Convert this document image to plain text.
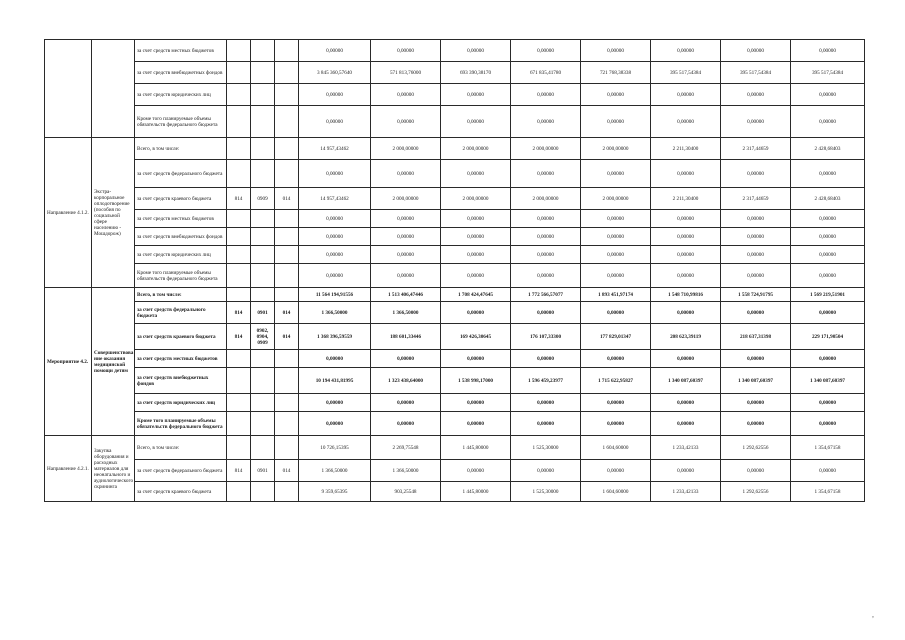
		за счет средств местных бюджетов				0,00000	0,00000	0,00000	0,00000	0,00000	0,00000	0,00000	0,00000
		за счет средств внебюджетных фондов				3 845 360,57640	571 813,76000	693 390,38170	671 835,41780	721 768,38338	395 517,54384	395 517,54384	395 517,54384
		за счет средств юридических лиц				0,00000	0,00000	0,00000	0,00000	0,00000	0,00000	0,00000	0,00000
		Кроме того планируемые объемы обязательств федерального бюджета				0,00000	0,00000	0,00000	0,00000	0,00000	0,00000	0,00000	0,00000
Направление 4.1.2.	Экстра-корпоральное оплодотворение (пособия по социальной сфере населению - Мошдорож)	Всего, в том числе:				14 957,43462	2 000,00000	2 000,00000	2 000,00000	2 000,00000	2 211,30400	2 317,44659	2 428,68403
		за счет средств федерального бюджета				0,00000	0,00000	0,00000	0,00000	0,00000	0,00000	0,00000	0,00000
		за счет средств краевого бюджета	814	0909	014	14 957,43462	2 000,00000	2 000,00000	2 000,00000	2 000,00000	2 211,30400	2 317,44659	2 428,68403
		за счет средств местных бюджетов				0,00000	0,00000	0,00000	0,00000	0,00000	0,00000	0,00000	0,00000
		за счет средств внебюджетных фондов				0,00000	0,00000	0,00000	0,00000	0,00000	0,00000	0,00000	0,00000
		за счет средств юридических лиц				0,00000	0,00000	0,00000	0,00000	0,00000	0,00000	0,00000	0,00000
		Кроме того планируемые объемы обязательств федерального бюджета				0,00000	0,00000	0,00000	0,00000	0,00000	0,00000	0,00000	0,00000
Мероприятие 4.2.	Совершенствова ние оказания медицинской помощи детям	Всего, в том числе:				11 564 194,91556	1 513 406,47446	1 708 424,47645	1 772 566,57077	1 893 451,97174	1 548 710,99816	1 558 724,91795	1 569 219,51901
		за счет средств федерального бюджета	814	0901	014	1 366,50000	1 366,50000	0,00000	0,00000	0,00000	0,00000	0,00000	0,00000
		за счет средств краевого бюджета	814	0902, 0904, 0909	014	1 368 396,59559	188 601,33446	169 426,30645	176 107,33300	177 829,01347	208 623,39119	218 637,31398	229 171,90504
		за счет средств местных бюджетов				0,00000	0,00000	0,00000	0,00000	0,00000	0,00000	0,00000	0,00000
		за счет средств внебюджетных фондов				10 194 431,81995	1 323 438,64000	1 538 998,17000	1 596 459,23977	1 715 622,95827	1 340 087,60397	1 340 087,60397	1 340 087,60397
		за счет средств юридических лиц				0,00000	0,00000	0,00000	0,00000	0,00000	0,00000	0,00000	0,00000
		Кроме того планируемые объемы обязательств федерального бюджета				0,00000	0,00000	0,00000	0,00000	0,00000	0,00000	0,00000	0,00000
Направление 4.2.1.	Закупка оборудования и расходных материалов для неонатального и аудиологического скрининга	Всего, в том числе:				10 726,15395	2 269,75548	1 445,80000	1 525,30000	1 604,60000	1 233,42133	1 292,62556	1 354,67158
		за счет средств федерального бюджета	814	0901	014	1 366,50000	1 366,50000	0,00000	0,00000	0,00000	0,00000	0,00000	0,00000
		за счет средств краевого бюджета				9 359,65395	903,25548	1 445,80000	1 525,30000	1 604,60000	1 233,42133	1 292,62556	1 354,67158
,
